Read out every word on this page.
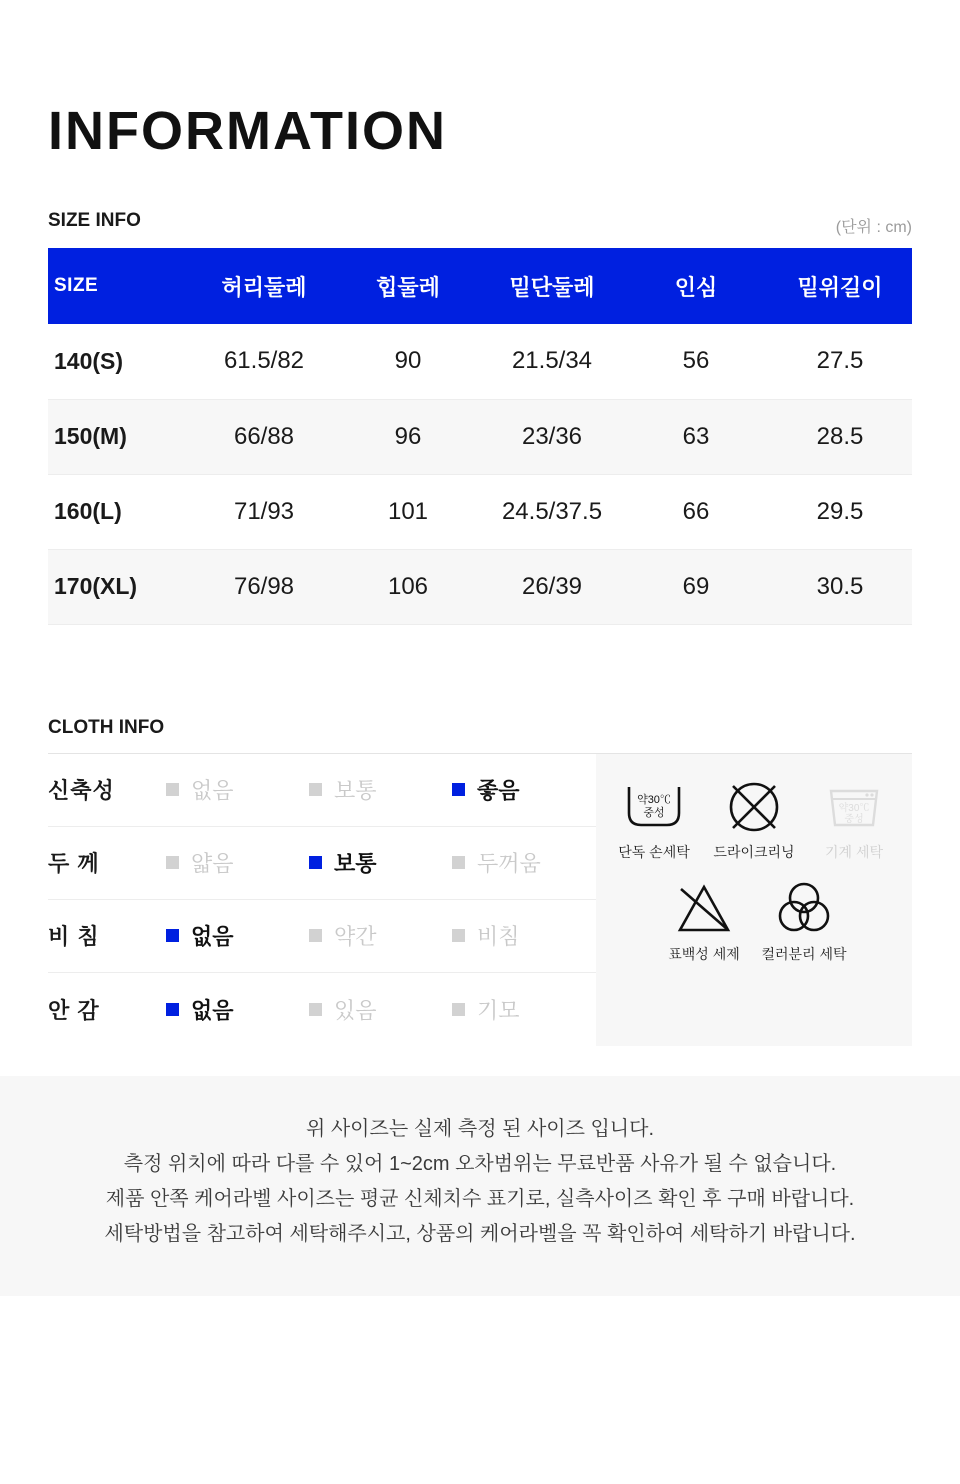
INFORMATION
(단위 : cm)
SIZE INFO
SIZE	허리둘레	힙둘레	밑단둘레	인심	밑위길이
140(S)	61.5/82	90	21.5/34	56	27.5
150(M)	66/88	96	23/36	63	28.5
160(L)	71/93	101	24.5/37.5	66	29.5
170(XL)	76/98	106	26/39	69	30.5
CLOTH INFO
신축성	없음	보통	좋음
두 께	얇음	보통	두꺼움
비 침	없음	약간	비침
안 감	없음	있음	기모
약30℃
중성
단독 손세탁	드라이크리닝
약30℃
중성
기계 세탁
표백성 세제	컬러분리 세탁

위 사이즈는 실제 측정 된 사이즈 입니다.

측정 위치에 따라 다를 수 있어 1~2cm 오차범위는 무료반품 사유가 될 수 없습니다.

제품 안쪽 케어라벨 사이즈는 평균 신체치수 표기로, 실측사이즈 확인 후 구매 바랍니다.

세탁방법을 참고하여 세탁해주시고, 상품의 케어라벨을 꼭 확인하여 세탁하기 바랍니다.
